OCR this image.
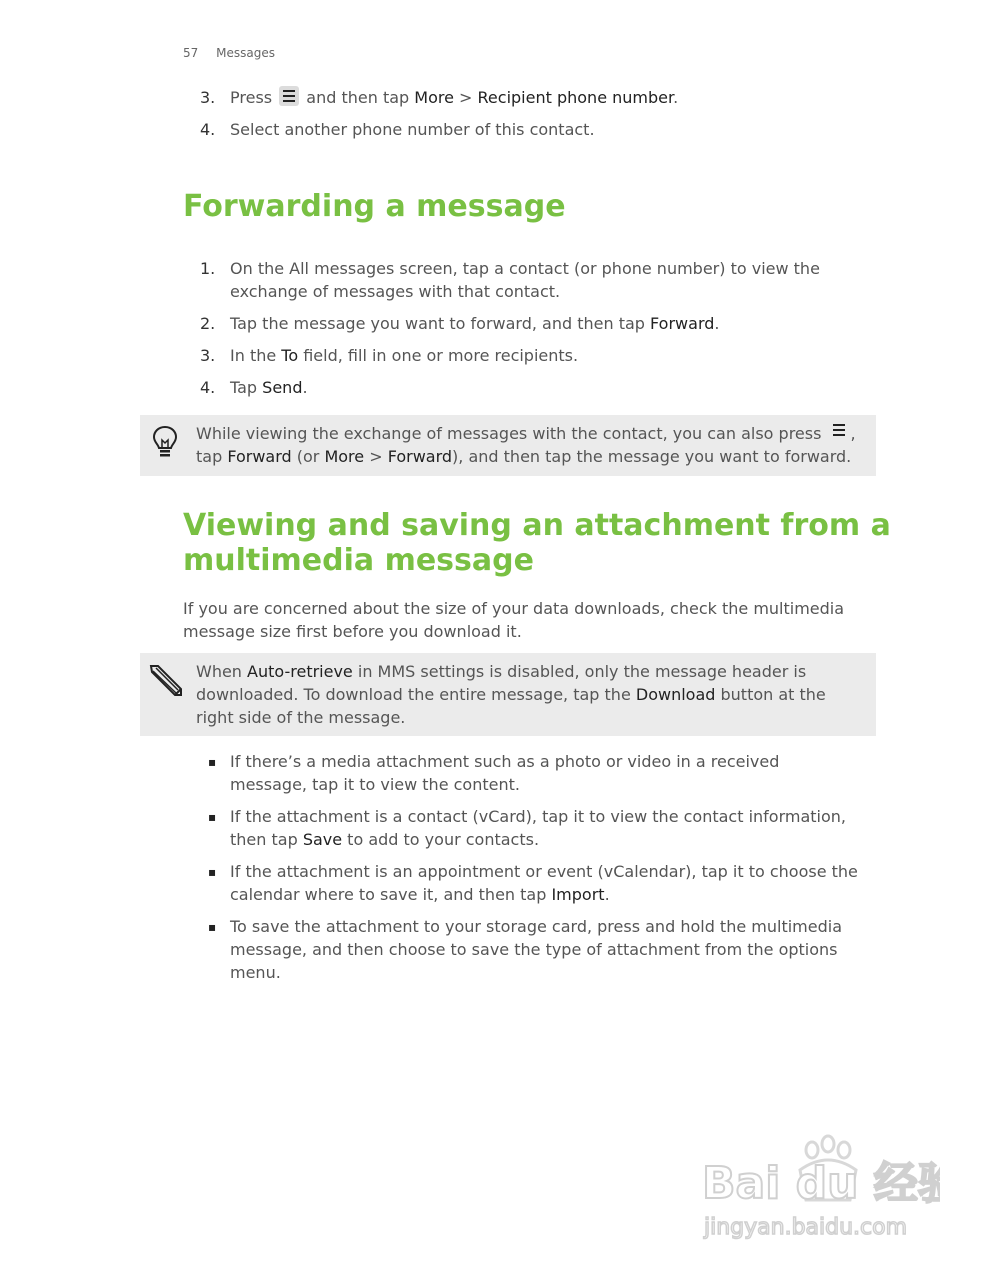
57 Messages
3. Press
and then tap More > Recipient phone number.
4. Select another phone number of this contact.
Forwarding a message
1. On the All messages screen, tap a contact (or phone number) to view the exchange of messages with that contact.
2. Tap the message you want to forward, and then tap Forward.
3. In the To field, fill in one or more recipients.
4. Tap Send.
While viewing the exchange of messages with the contact, you can also press
, tap Forward (or More > Forward), and then tap the message you want to forward.
Viewing and saving an attachment from a
multimedia message

If you are concerned about the size of your data downloads, check the multimedia message size first before you download it.

When Auto-retrieve in MMS settings is disabled, only the message header is downloaded. To download the entire message, tap the Download button at the right side of the message.
▪ If there’s a media attachment such as a photo or video in a received message, tap it to view the content.
▪ If the attachment is a contact (vCard), tap it to view the contact information, then tap Save to add to your contacts.
▪ If the attachment is an appointment or event (vCalendar), tap it to choose the calendar where to save it, and then tap Import.
▪ To save the attachment to your storage card, press and hold the multimedia message, and then choose to save the type of attachment from the options menu.
Bai du 经验
jingyan.baidu.com
